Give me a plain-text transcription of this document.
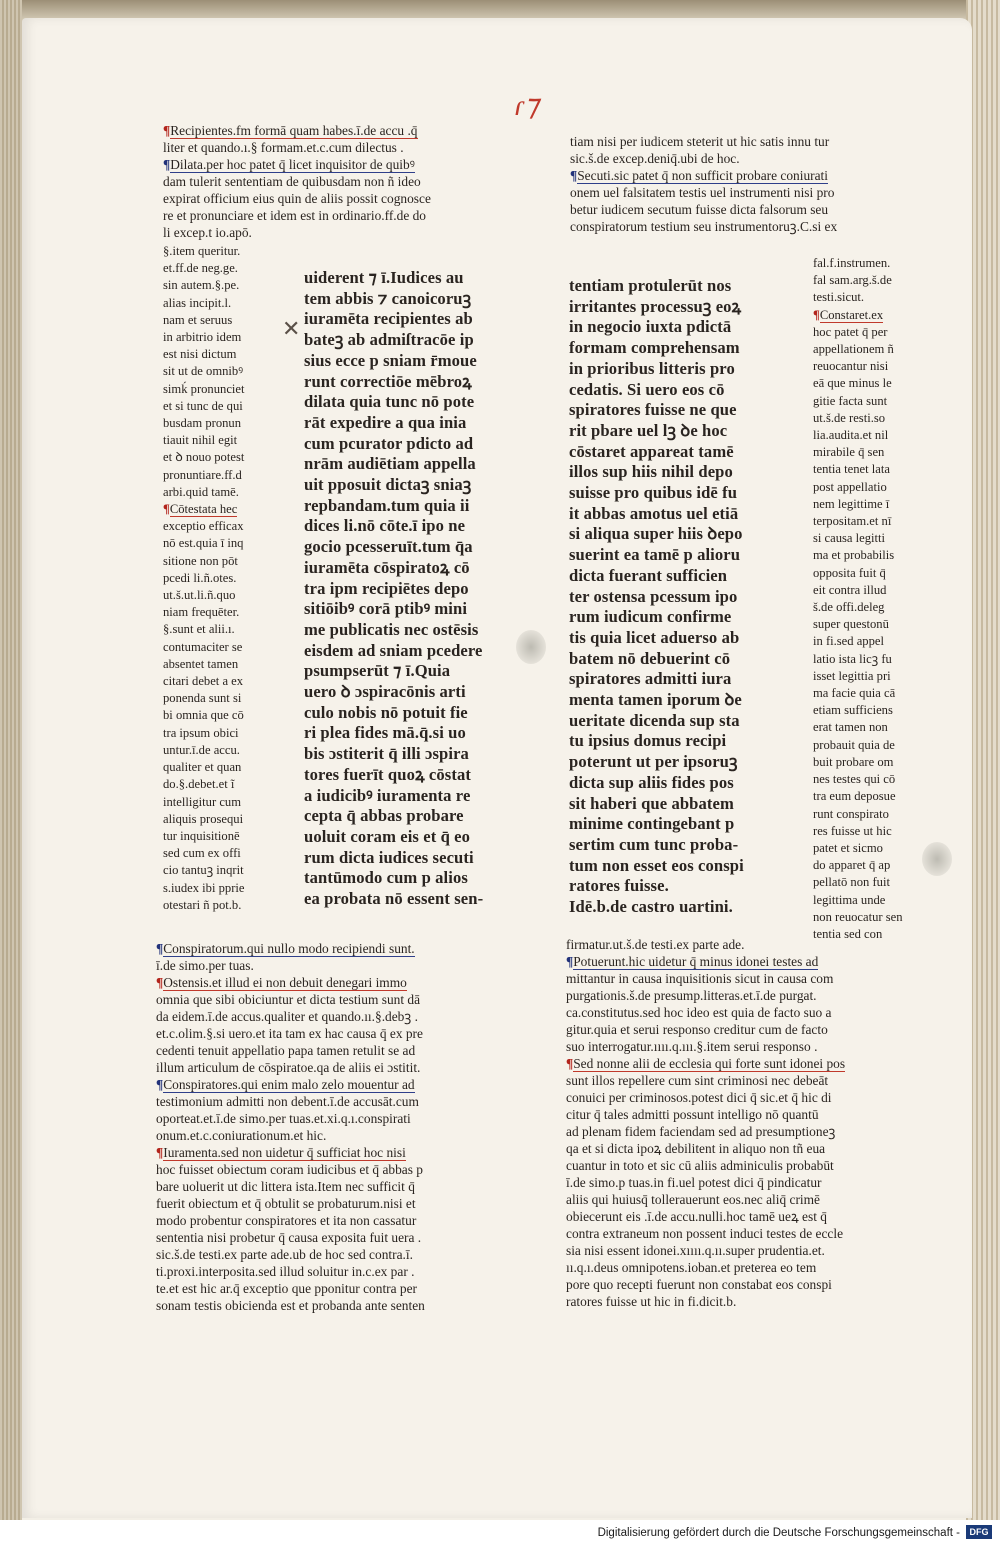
ɾ⁊
¶Recipientes.fm formā quam habes.ī.de accu .q̄
liter et quando.ı.§ formam.et.c.cum dilectus .
¶Dilata.per hoc patet q̄ licet inquisitor de quibꝰ
dam tulerit sententiam de quibusdam non ñ ideo
expirat officium eius quin de aliis possit cognosce
re et pronunciare et idem est in ordinario.ff.de do
li excep.t io.apō.
tiam nisi per iudicem steterit ut hic satis innu tur
sic.š.de excep.deniq̄.ubi de hoc.
¶Secuti.sic patet q̄ non sufficit probare coniurati
onem uel falsitatem testis uel instrumenti nisi pro
betur iudicem secutum fuisse dicta falsorum seu
conspiratorum testium seu instrumentoruꝫ.C.si ex
§.item queritur.
et.ff.de neg.ge.
sin autem.§.pe.
alias incipit.l.
nam et seruus
in arbitrio idem
est nisi dictum
sit ut de omnibꝰ
simḱ pronunciet
et si tunc de qui
busdam pronun
tiauit nihil egit
et ꝺ nouo potest
pronuntiare.ff.d
arbi.quid tamē.
¶Cōtestata hec
exceptio efficax
nō est.quia ī inq
sitione non pōt
pcedi li.ñ.otes.
ut.š.ut.li.ñ.quo
niam frequēter.
§.sunt et alii.ı.
contumaciter se
absentet tamen
citari debet a ex
ponenda sunt si
bi omnia que cō
tra ipsum obici
untur.ī.de accu.
qualiter et quan
do.§.debet.et ĩ
intelligitur cum
aliquis prosequi
tur inquisitionē
sed cum ex offi
cio tantuꝫ inqrit
s.iudex ibi pprie
otestari ñ pot.b.
uiderent ⁊ ī.Iudices au
tem abbis ⁊ canoicoruꝫ
iuramēta recipientes ab
bateꝫ ab admiſtracōe ip
sius ecce p sniam r̄moue
runt correctiōe mēbroꝝ
dilata quia tunc nō pote
rāt expedire a qua inia
cum pcurator pdicto ad
nrām audiētiam appella
uit pposuit dictaꝫ sniaꝫ
repbandam.tum quia ii
dices li.nō cōte.ī ipo ne
gocio pcesseruīt.tum q̄a
iuramēta cōspiratoꝝ cō
tra ipm recipiētes depo
sitiōibꝰ corā ptibꝰ mini
me publicatis nec ostēsis
eisdem ad sniam pcedere
psumpserūt ⁊ ī.Quia
uero ꝺ ɔspiracōnis arti
culo nobis nō potuit fie
ri plea fides mā.q̄.si uo
bis ɔstiterit q̄ illi ɔspira
tores fuerīt quoꝝ cōstat
a iudicibꝰ iuramenta re
cepta q̄ abbas probare
uoluit coram eis et q̄ eo
rum dicta iudices secuti
tantūmodo cum p alios
ea probata nō essent sen-
tentiam protulerūt nos
irritantes processuꝫ eoꝝ
in negocio iuxta pdictā
formam comprehensam
in prioribus litteris pro
cedatis. Si uero eos cō
spiratores fuisse ne que
rit pbare uel lꝫ ꝺe hoc
cōstaret appareat tamē
illos sup hiis nihil depo
suisse pro quibus idē fu
it abbas amotus uel etiā
si aliqua super hiis ꝺepo
suerint ea tamē p alioru
dicta fuerant sufficien
ter ostensa pcessum ipo
rum iudicum confirme
tis quia licet aduerso ab
batem nō debuerint cō
spiratores admitti iura
menta tamen iporum ꝺe
ueritate dicenda sup sta
tu ipsius domus recipi
poterunt ut per ipsoruꝫ
dicta sup aliis fides pos
sit haberi que abbatem
minime contingebant p
sertim cum tunc proba-
tum non esset eos conspi
ratores fuisse.
Idē.b.de castro uartini.
fal.f.instrumen.
fal sam.arg.š.de
testi.sicut.
¶Constaret.ex
hoc patet q̄ per
appellationem ñ
reuocantur nisi
eā que minus le
gitie facta sunt
ut.š.de resti.so
lia.audita.et nil
mirabile q̄ sen
tentia tenet lata
post appellatio
nem legittime ī
terpositam.et nī
si causa legitti
ma et probabilis
opposita fuit q̄
eit contra illud
š.de offi.deleg
super questonū
in fi.sed appel
latio ista licꝫ fu
isset legittia pri
ma facie quia cā
etiam sufficiens
erat tamen non
probauit quia de
buit probare om
nes testes qui cō
tra eum deposue
runt conspirato
res fuisse ut hic
patet et sicmo
do apparet q̄ ap
pellatō non fuit
legittima unde
non reuocatur sen
tentia sed con
¶Conspiratorum.qui nullo modo recipiendi sunt.
ī.de simo.per tuas.
¶Ostensis.et illud ei non debuit denegari immo
omnia que sibi obiciuntur et dicta testium sunt dā
da eidem.ī.de accus.qualiter et quando.ıı.§.debꝫ .
et.c.olim.§.si uero.et ita tam ex hac causa q̄ ex pre
cedenti tenuit appellatio papa tamen retulit se ad
illum articulum de cōspiratoe.qa de aliis ei ɔstitit.
¶Conspiratores.qui enim malo zelo mouentur ad
testimonium admitti non debent.ī.de accusāt.cum
oporteat.et.ī.de simo.per tuas.et.xi.q.ı.conspirati
onum.et.c.coniurationum.et hic.
¶Iuramenta.sed non uidetur q̄ sufficiat hoc nisi
hoc fuisset obiectum coram iudicibus et q̄ abbas p
bare uoluerit ut dic littera ista.Item nec sufficit q̄
fuerit obiectum et q̄ obtulit se probaturum.nisi et
modo probentur conspiratores et ita non cassatur
sententia nisi probetur q̄ causa exposita fuit uera .
sic.š.de testi.ex parte ade.ub de hoc sed contra.ī.
ti.proxi.interposita.sed illud soluitur in.c.ex par .
te.et est hic ar.q̄ exceptio que pponitur contra per
sonam testis obicienda est et probanda ante senten
firmatur.ut.š.de testi.ex parte ade.
¶Potuerunt.hic uidetur q̄ minus idonei testes ad
mittantur in causa inquisitionis sicut in causa com
purgationis.š.de presump.litteras.et.ī.de purgat.
ca.constitutus.sed hoc ideo est quia de facto suo a
gitur.quia et serui responso creditur cum de facto
suo interrogatur.ıııı.q.ııı.§.item serui responso .
¶Sed nonne alii de ecclesia qui forte sunt idonei pos
sunt illos repellere cum sint criminosi nec debeāt
conuici per criminosos.potest dici q̄ sic.et q̄ hic di
citur q̄ tales admitti possunt intelligo nō quantū
ad plenam fidem faciendam sed ad presumptioneꝫ
qa et si dicta ipoꝝ debilitent in aliquo non tñ eua
cuantur in toto et sic cū aliis adminiculis probabūt
ī.de simo.p tuas.in fi.uel potest dici q̄ pindicatur
aliis qui huiusq̄ tollerauerunt eos.nec aliq̄ crimē
obiecerunt eis .ī.de accu.nulli.hoc tamē ueꝝ est q̄
contra extraneum non possent induci testes de eccle
sia nisi essent idonei.xıııı.q.ıı.super prudentia.et.
ıı.q.ı.deus omnipotens.ioban.et preterea eo tem
pore quo recepti fuerunt non constabat eos conspi
ratores fuisse ut hic in fi.dicit.b.
✕
Digitalisierung gefördert durch die Deutsche Forschungsgemeinschaft -	DFG
